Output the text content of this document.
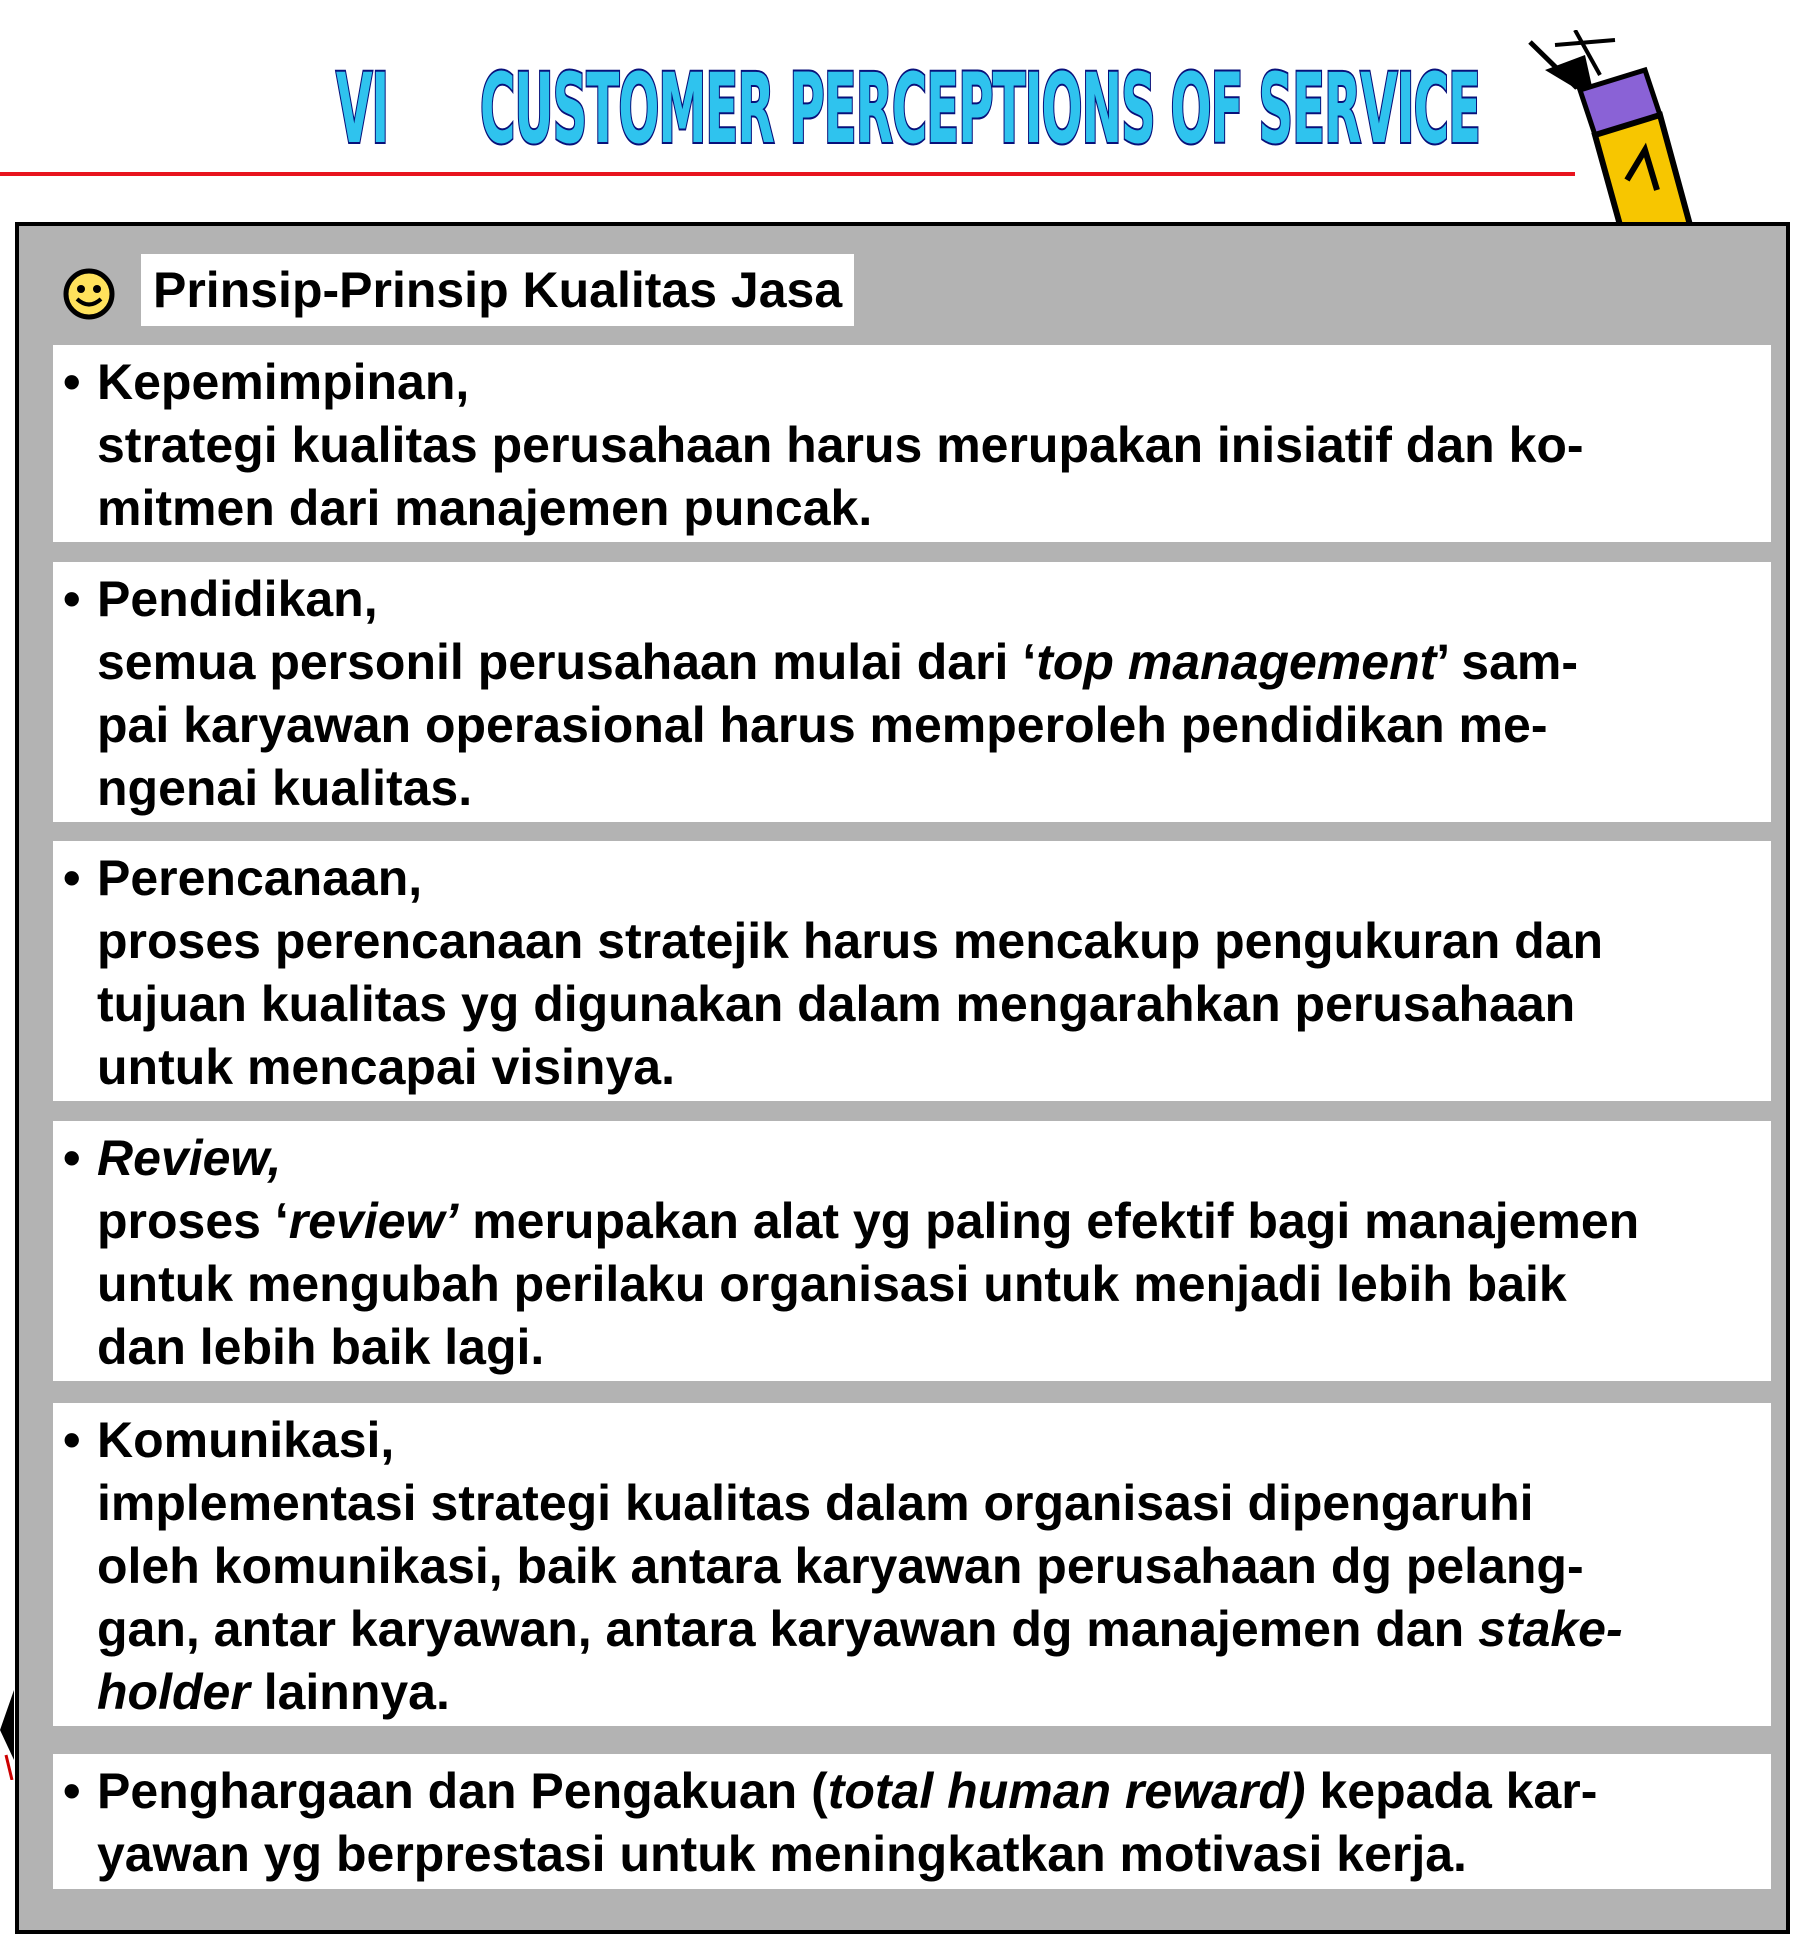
VI CUSTOMER PERCEPTIONS OF SERVICE
Prinsip-Prinsip Kualitas Jasa
• Kepemimpinan,
strategi kualitas perusahaan harus merupakan inisiatif dan ko-
mitmen dari manajemen puncak.
• Pendidikan,
semua personil perusahaan mulai dari ‘top management’ sam-
pai karyawan operasional harus memperoleh pendidikan me-
ngenai kualitas.
• Perencanaan,
proses perencanaan stratejik harus mencakup pengukuran dan
tujuan kualitas yg digunakan dalam mengarahkan perusahaan
untuk mencapai visinya.
• Review,
proses ‘review’ merupakan alat yg paling efektif bagi manajemen
untuk mengubah perilaku organisasi untuk menjadi lebih baik
dan lebih baik lagi.
• Komunikasi,
implementasi strategi kualitas dalam organisasi dipengaruhi
oleh komunikasi, baik antara karyawan perusahaan dg pelang-
gan, antar karyawan, antara karyawan dg manajemen dan stake-
holder lainnya.
• Penghargaan dan Pengakuan (total human reward) kepada kar-
yawan yg berprestasi untuk meningkatkan motivasi kerja.
